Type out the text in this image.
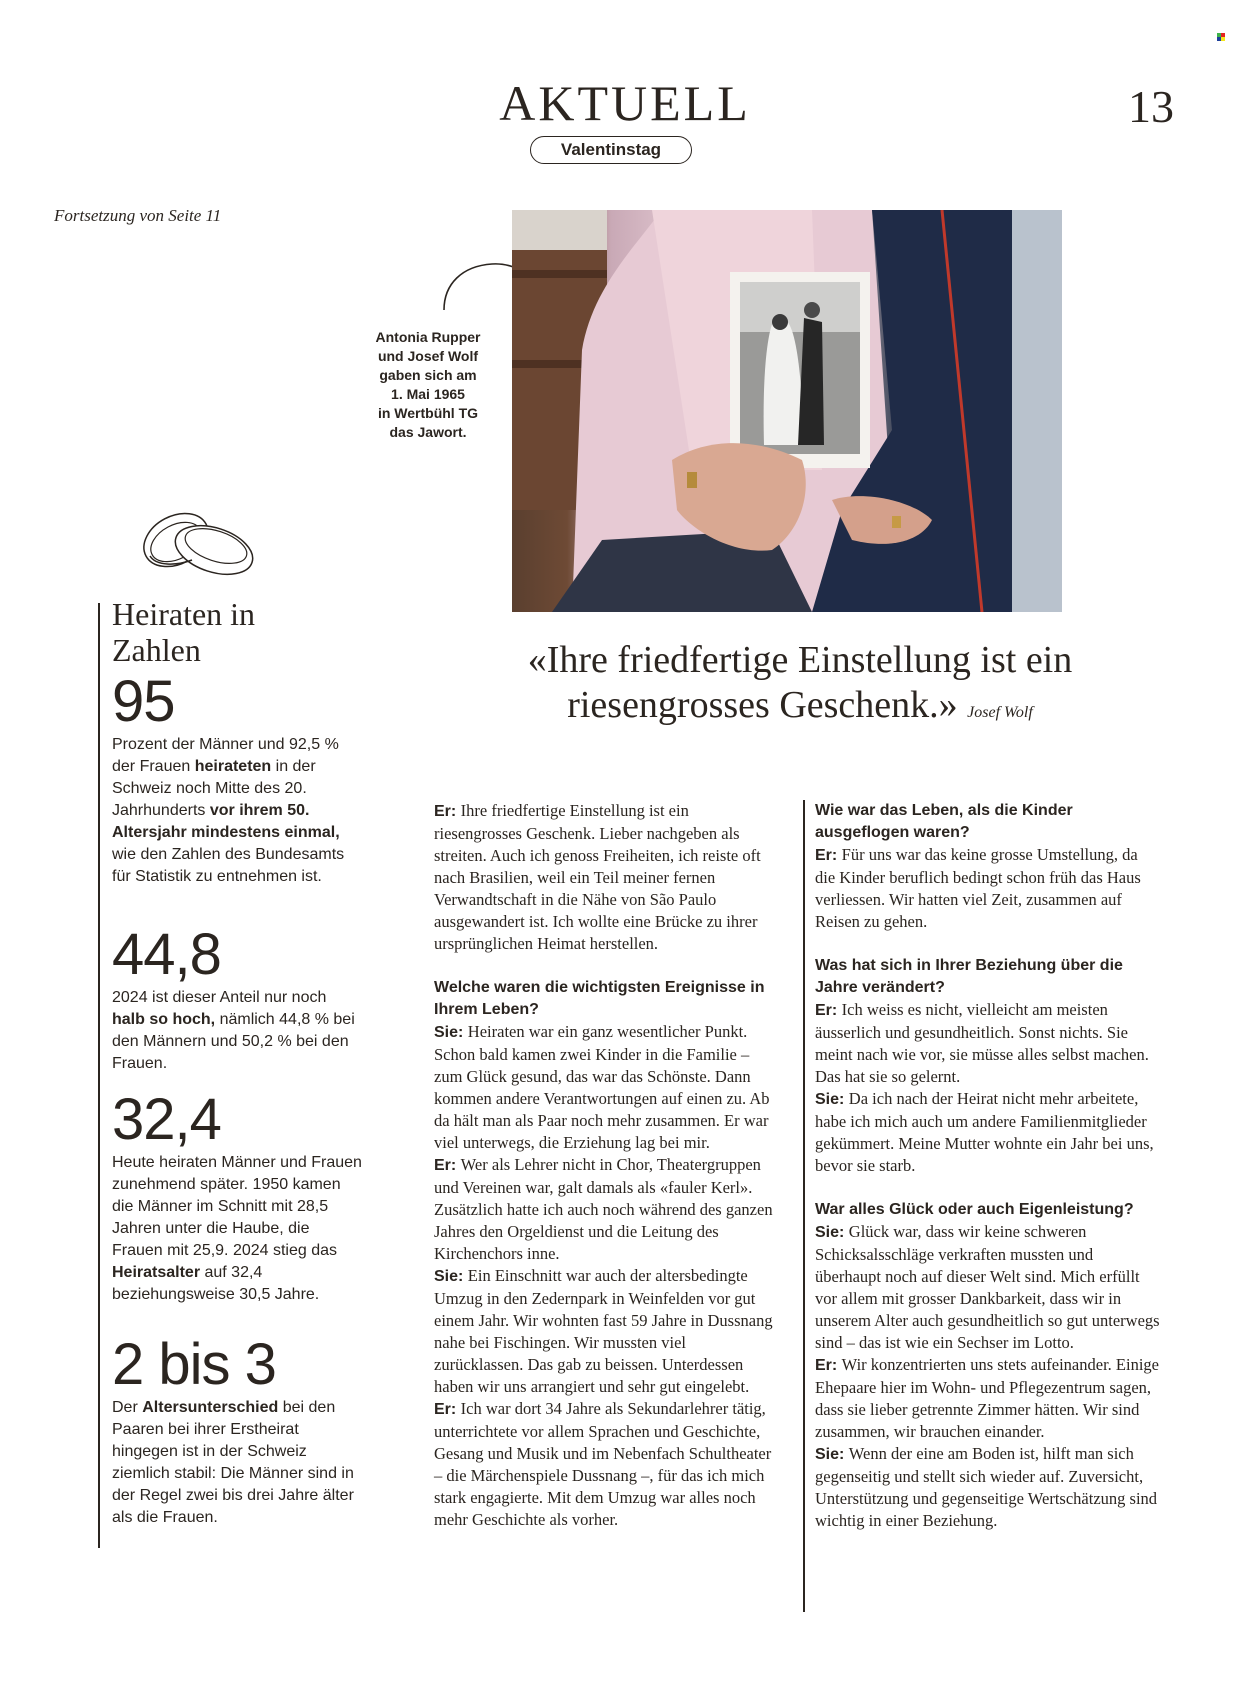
AKTUELL
Valentinstag
13
Fortsetzung von Seite 11
Antonia Rupper
und Josef Wolf
gaben sich am
1. Mai 1965
in Wertbühl TG
das Jawort.
Heiraten in
Zahlen
95
Prozent der Männer und 92,5 % der Frauen heirateten in der Schweiz noch Mitte des 20. Jahrhunderts vor ihrem 50. Altersjahr mindestens einmal, wie den Zahlen des Bundesamts für Statistik zu entnehmen ist.
44,8
2024 ist dieser Anteil nur noch halb so hoch, nämlich 44,8 % bei den Männern und 50,2 % bei den Frauen.
32,4
Heute heiraten Männer und Frauen zunehmend später. 1950 kamen die Männer im Schnitt mit 28,5 Jahren unter die Haube, die Frauen mit 25,9. 2024 stieg das Heiratsalter auf 32,4 beziehungsweise 30,5 Jahre.
2 bis 3
Der Altersunterschied bei den Paaren bei ihrer Erstheirat hingegen ist in der Schweiz ziemlich stabil: Die Männer sind in der Regel zwei bis drei Jahre älter als die Frauen.
«Ihre friedfertige Einstellung ist ein
riesengrosses Geschenk.» Josef Wolf

Er: Ihre friedfertige Einstellung ist ein riesengrosses Geschenk. Lieber nachgeben als streiten. Auch ich genoss Freiheiten, ich reiste oft nach Brasilien, weil ein Teil meiner fernen Verwandtschaft in die Nähe von São Paulo ausgewandert ist. Ich wollte eine Brücke zu ihrer ursprünglichen Heimat herstellen.

Welche waren die wichtigsten Ereignisse in Ihrem Leben?

Sie: Heiraten war ein ganz wesentlicher Punkt. Schon bald kamen zwei Kinder in die Familie – zum Glück gesund, das war das Schönste. Dann kommen andere Verantwortungen auf einen zu. Ab da hält man als Paar noch mehr zusammen. Er war viel unterwegs, die Erziehung lag bei mir.

Er: Wer als Lehrer nicht in Chor, Theatergruppen und Vereinen war, galt damals als «fauler Kerl». Zusätzlich hatte ich auch noch während des ganzen Jahres den Orgeldienst und die Leitung des Kirchenchors inne.

Sie: Ein Einschnitt war auch der altersbedingte Umzug in den Zedernpark in Weinfelden vor gut einem Jahr. Wir wohnten fast 59 Jahre in Dussnang nahe bei Fischingen. Wir mussten viel zurücklassen. Das gab zu beissen. Unterdessen haben wir uns arrangiert und sehr gut eingelebt.

Er: Ich war dort 34 Jahre als Sekundarlehrer tätig, unterrichtete vor allem Sprachen und Geschichte, Gesang und Musik und im Nebenfach Schultheater – die Märchenspiele Dussnang –, für das ich mich stark engagierte. Mit dem Umzug war alles noch mehr Geschichte als vorher.

Wie war das Leben, als die Kinder ausgeflogen waren?

Er: Für uns war das keine grosse Umstellung, da die Kinder beruflich bedingt schon früh das Haus verliessen. Wir hatten viel Zeit, zusammen auf Reisen zu gehen.

Was hat sich in Ihrer Beziehung über die Jahre verändert?

Er: Ich weiss es nicht, vielleicht am meisten äusserlich und gesundheitlich. Sonst nichts. Sie meint nach wie vor, sie müsse alles selbst machen. Das hat sie so gelernt.

Sie: Da ich nach der Heirat nicht mehr arbeitete, habe ich mich auch um andere Familienmitglieder gekümmert. Meine Mutter wohnte ein Jahr bei uns, bevor sie starb.

War alles Glück oder auch Eigenleistung?

Sie: Glück war, dass wir keine schweren Schicksalsschläge verkraften mussten und überhaupt noch auf dieser Welt sind. Mich erfüllt vor allem mit grosser Dankbarkeit, dass wir in unserem Alter auch gesundheitlich so gut unterwegs sind – das ist wie ein Sechser im Lotto.

Er: Wir konzentrierten uns stets aufeinander. Einige Ehepaare hier im Wohn- und Pflegezentrum sagen, dass sie lieber getrennte Zimmer hätten. Wir sind zusammen, wir brauchen einander.

Sie: Wenn der eine am Boden ist, hilft man sich gegenseitig und stellt sich wieder auf. Zuversicht, Unterstützung und gegenseitige Wertschätzung sind wichtig in einer Beziehung.
